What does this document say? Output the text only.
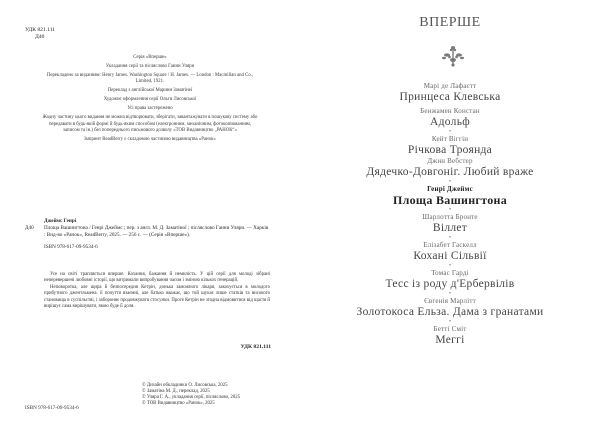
УДК 821.111
Д40

Серія «Вперше»

Укладання серії та післяслово Ганни Уляри

Перекладено за виданням: Henry James. Washington Square / H. James. — London : Macmillan and Co., Limited, 1921.

Переклад з англійської Марини Заматінеї

Художнє оформлення серії Ольги Лисовської

Усі права застережено

Жодну частину цього видання не можна відтворювати, зберігати, завантажувати в пошукову систему або передавати в будь-якій формі й будь-яким способом (електронним, механічним, фотокопіюванням, записом та ін.) без попереднього письмового дозволу «ТОВ Видавництво „РАНОК“»

Імпринт ReadBerry є складовою частиною видавництва «Ранок»

Джеймс Генрі
Д40	Площа Вашингтона / Генрі Джеймс ; пер. з англ. М. Д. Заматіної ; післяслово Ганни Уляри. — Харків : Вид-во «Ранок», ReadBerry, 2025. — 256 с. — (Серія «Вперше»).
ISBN 978-617-09-9534-6

Усе на світі трапляється вперше. Кохання, бажання й немилість. У цій серії для молоді зібрані неперевершені любовні історії, що витримали випробування часом і зміною кількох генерацій.

Неповоротка, але щира й безпосередня Кетрін, донька заможного лікаря, закохується в молодого прибутного джентльмена. її почуття взаємні, але батько вважає, що той шукає лише статків та високого становища в суспільстві, і забороняє продовжувати стосунки. Проте Кетрін не згодна відмовитися від щастя й вирішує сама вирішувати, якою буде її доля.

УДК 821.111
ISBN 978-617-09-9534-6
© Дизайн обкладинки О. Лисовська, 2025
© Заматіна М. Д., переклад, 2025
© Уляра Г. А., укладання серії, післяслово, 2025
© ТОВ Видавництво «Ранок», 2025
ВПЕРШЕ
Марі де Лафаєтт
Принцеса Клевська
Бенжамен Констан
Адольф
•
Кейт Віггін
Річкова Троянда
Джин Вебстер
Дядечко-Довгоніг. Любий враже
•
Генрі Джеймс
Площа Вашингтона
•
Шарлотта Бронте
Віллет
•
Елізабет Гаскелл
Кохані Сільвії
•
Томас Гарді
Тесс із роду д'Ербервілів
•
Євгенія Марлітт
Золотокоса Ельза. Дама з гранатами
•
Бетті Сміт
Меггі
